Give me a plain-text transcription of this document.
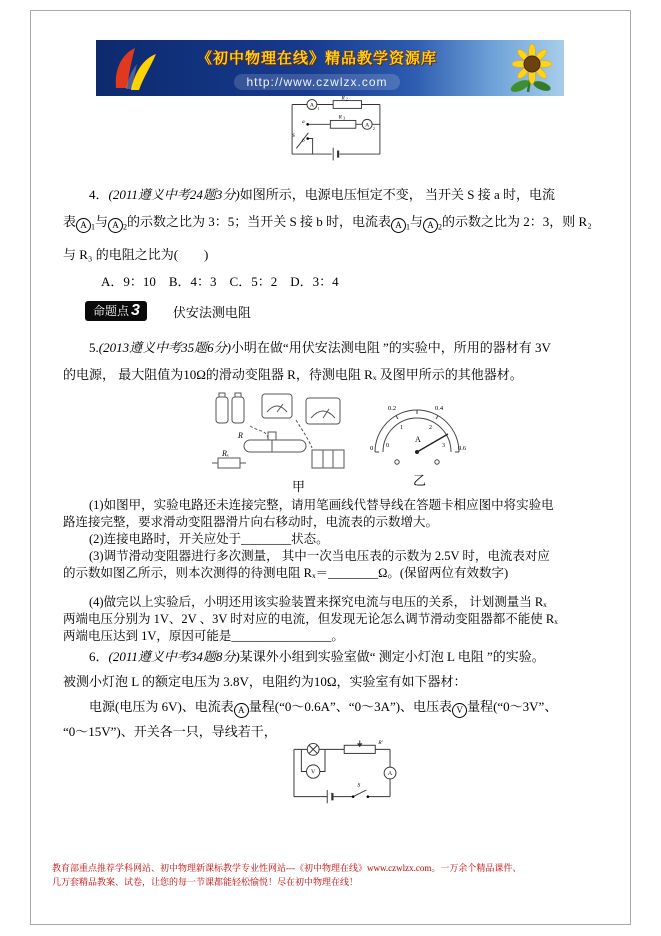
《初中物理在线》精品教学资源库
http://www.czwlzx.com
A
1
R 2
a
R 3
A
2
S
b
4．(2011遵义中考24题3分)如图所示，电源电压恒定不变， 当开关 S 接 a 时，电流
表 A $_1$与 A $_2$的示数之比为 3：5；当开关 S 接 b 时，电流表 A $_1$与 A $_2$的示数之比为 2：3，则 R₂
与 R₃ 的电阻之比为(　　)
A．9：10　B．4：3　C．5：2　D．3：4
命题点 3	伏安法测电阻
5.(2013遵义中考35题6分)小明在做“用伏安法测电阻 ”的实验中，所用的器材有 3V
的电源， 最大阻值为10Ω的滑动变阻器 R，待测电阻 Rₓ 及图甲所示的其他器材。
R
Rₓ
0
0.2	0.4
0.6
0
1	2
3
A
甲	乙
(1)如图甲，实验电路还未连接完整，请用笔画线代替导线在答题卡相应图中将实验电
路连接完整，要求滑动变阻器滑片向右移动时，电流表的示数增大。
(2)连接电路时，开关应处于________状态。
(3)调节滑动变阻器进行多次测量， 其中一次当电压表的示数为 2.5V 时，电流表对应
的示数如图乙所示，则本次测得的待测电阻 Rₓ＝________Ω。(保留两位有效数字)
(4)做完以上实验后，小明还用该实验装置来探究电流与电压的关系， 计划测量当 Rₓ
两端电压分别为 1V、2V 、3V 时对应的电流，但发现无论怎么调节滑动变阻器都不能使 Rₓ
两端电压达到 1V，原因可能是________________。
6．(2011遵义中考34题8分)某课外小组到实验室做“ 测定小灯泡 L 电阻 ”的实验。
被测小灯泡 L 的额定电压为 3.8V，电阻约为10Ω，实验室有如下器材：
电源(电压为 6V)、电流表 A 量程(“0～0.6A”、“0～3A”)、电压表 V 量程(“0～3V”、
“0～15V”)、开关各一只，导线若干，
R′
V	A
S
教育部重点推荐学科网站、初中物理新课标教学专业性网站---《初中物理在线》www.czwlzx.com。一万余个精品课件、
几万套精品教案、试卷，让您的每一节课都能轻松愉悦！尽在初中物理在线！
